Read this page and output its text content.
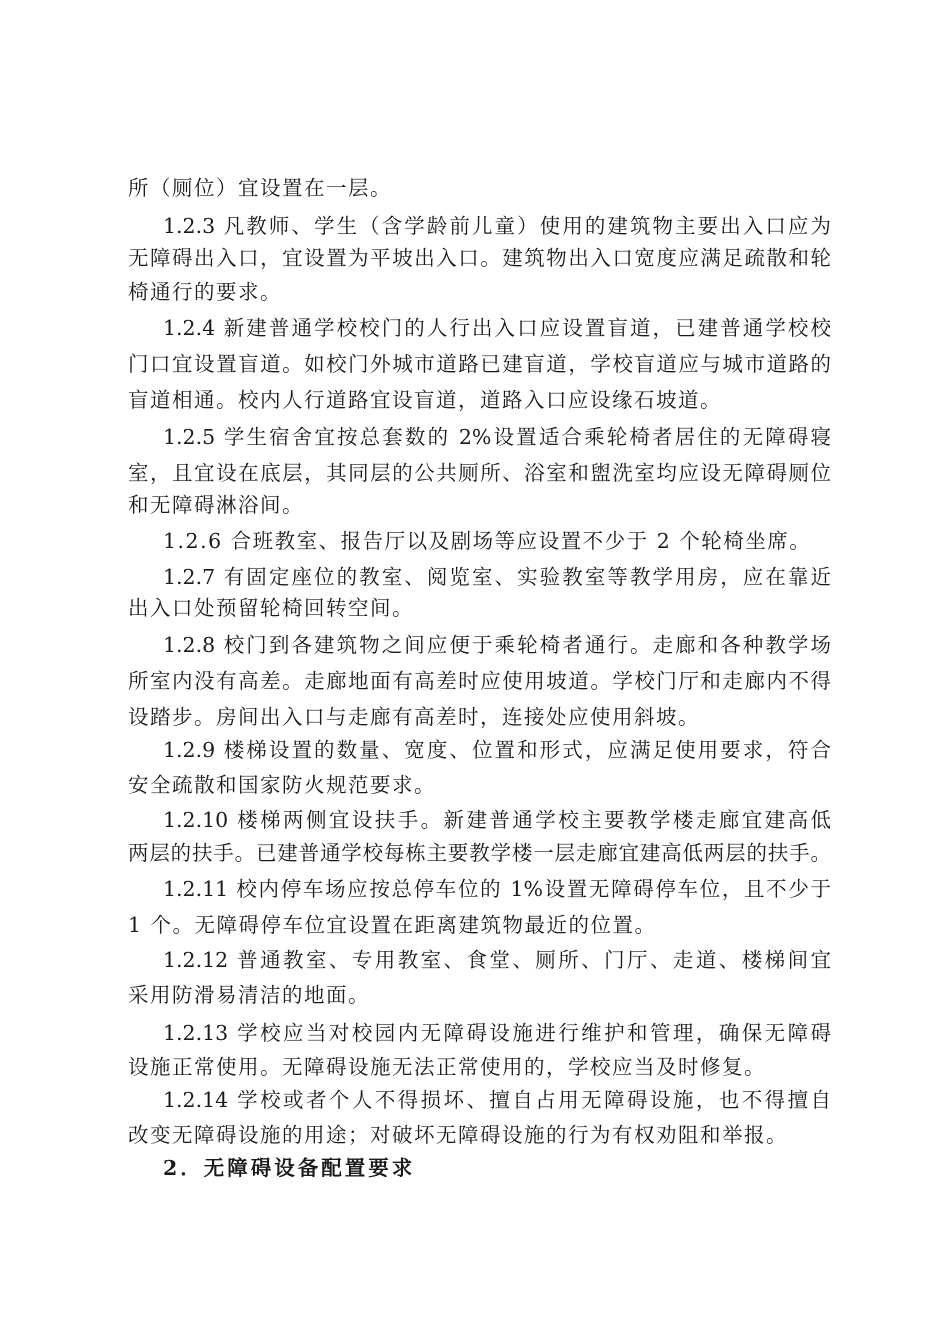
所（厕位）宜设置在一层。
1.2.3 凡教师、学生（含学龄前儿童）使用的建筑物主要出入口应为
无障碍出入口，宜设置为平坡出入口。建筑物出入口宽度应满足疏散和轮
椅通行的要求。
1.2.4 新建普通学校校门的人行出入口应设置盲道，已建普通学校校
门口宜设置盲道。如校门外城市道路已建盲道，学校盲道应与城市道路的
盲道相通。校内人行道路宜设盲道，道路入口应设缘石坡道。
1.2.5 学生宿舍宜按总套数的 2%设置适合乘轮椅者居住的无障碍寝
室，且宜设在底层，其同层的公共厕所、浴室和盥洗室均应设无障碍厕位
和无障碍淋浴间。
1.2.6 合班教室、报告厅以及剧场等应设置不少于 2 个轮椅坐席。
1.2.7 有固定座位的教室、阅览室、实验教室等教学用房，应在靠近
出入口处预留轮椅回转空间。
1.2.8 校门到各建筑物之间应便于乘轮椅者通行。走廊和各种教学场
所室内没有高差。走廊地面有高差时应使用坡道。学校门厅和走廊内不得
设踏步。房间出入口与走廊有高差时，连接处应使用斜坡。
1.2.9 楼梯设置的数量、宽度、位置和形式，应满足使用要求，符合
安全疏散和国家防火规范要求。
1.2.10 楼梯两侧宜设扶手。新建普通学校主要教学楼走廊宜建高低
两层的扶手。已建普通学校每栋主要教学楼一层走廊宜建高低两层的扶手。
1.2.11 校内停车场应按总停车位的 1%设置无障碍停车位，且不少于
1 个。无障碍停车位宜设置在距离建筑物最近的位置。
1.2.12 普通教室、专用教室、食堂、厕所、门厅、走道、楼梯间宜
采用防滑易清洁的地面。
1.2.13 学校应当对校园内无障碍设施进行维护和管理，确保无障碍
设施正常使用。无障碍设施无法正常使用的，学校应当及时修复。
1.2.14 学校或者个人不得损坏、擅自占用无障碍设施，也不得擅自
改变无障碍设施的用途；对破坏无障碍设施的行为有权劝阻和举报。
2．无障碍设备配置要求
